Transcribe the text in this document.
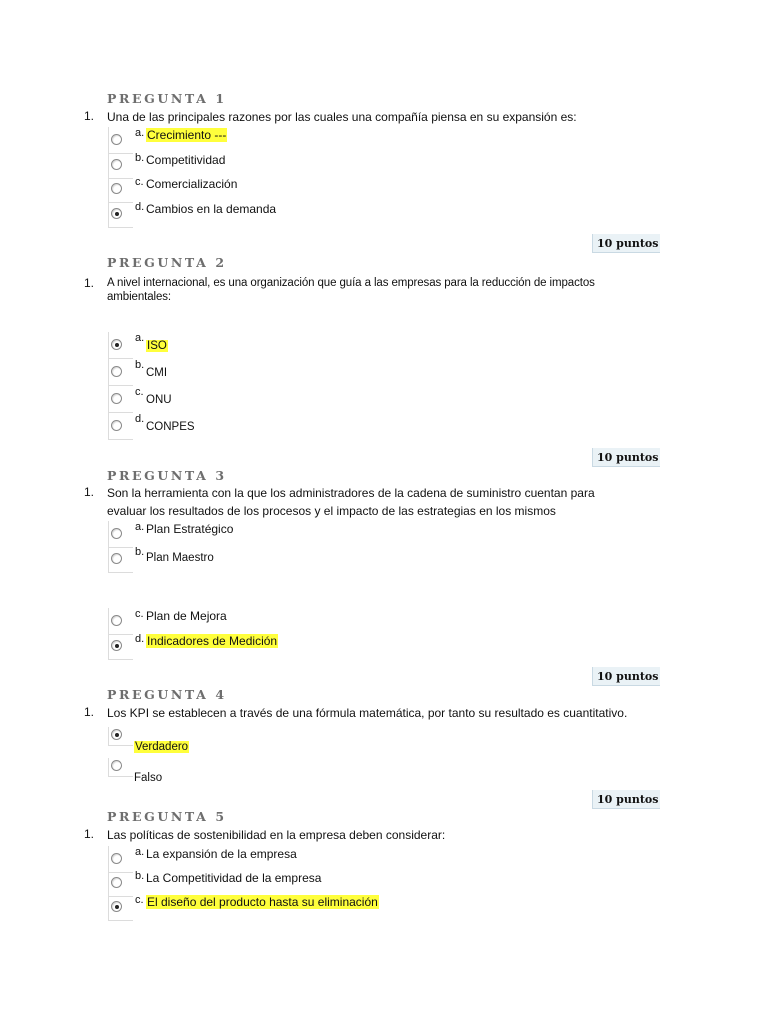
PREGUNTA 1
1. Una de las principales razones por las cuales una compañía piensa en su expansión es:
a. Crecimiento ---
b. Competitividad
c. Comercialización
d. Cambios en la demanda
10 puntos
PREGUNTA 2
1. A nivel internacional, es una organización que guía a las empresas para la reducción de impactos ambientales:
a.
ISO
b.
CMI
c.
ONU
d.
CONPES
10 puntos
PREGUNTA 3
1. Son la herramienta con la que los administradores de la cadena de suministro cuentan para evaluar los resultados de los procesos y el impacto de las estrategias en los mismos
a. Plan Estratégico
b. Plan Maestro
c. Plan de Mejora
d. Indicadores de Medición
10 puntos
PREGUNTA 4
1. Los KPI se establecen a través de una fórmula matemática, por tanto su resultado es cuantitativo.
Verdadero
Falso
10 puntos
PREGUNTA 5
1. Las políticas de sostenibilidad en la empresa deben considerar:
a. La expansión de la empresa
b. La Competitividad de la empresa
c. El diseño del producto hasta su eliminación
